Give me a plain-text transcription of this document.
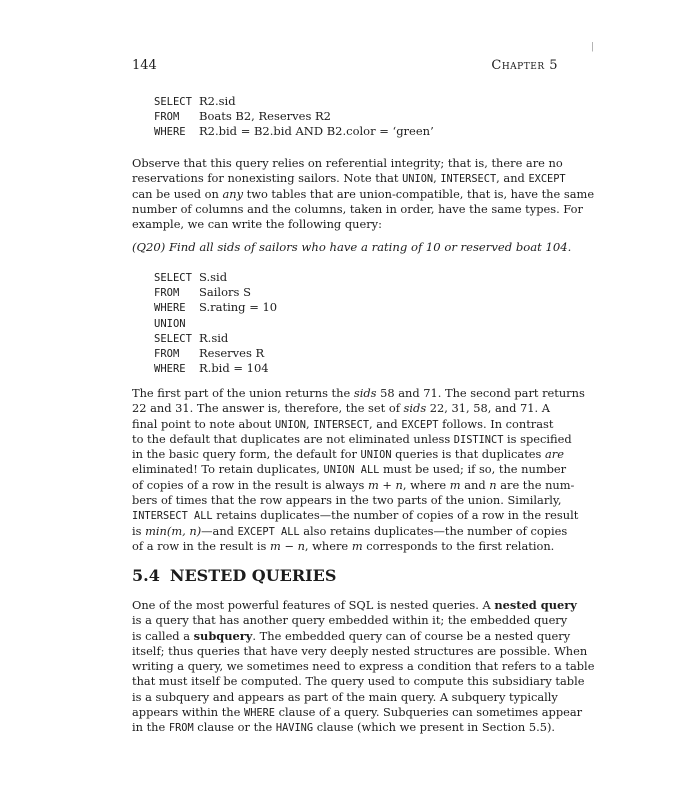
144	Chapter 5
|
SELECT R2.sid
FROM Boats B2, Reserves R2
WHERE R2.bid = B2.bid AND B2.color = ‘green’
Observe that this query relies on referential integrity; that is, there are no
reservations for nonexisting sailors. Note that UNION, INTERSECT, and EXCEPT
can be used on any two tables that are union-compatible, that is, have the same
number of columns and the columns, taken in order, have the same types. For
example, we can write the following query:
(Q20) Find all sids of sailors who have a rating of 10 or reserved boat 104.
SELECT S.sid
FROM Sailors S
WHERE S.rating = 10
UNION
SELECT R.sid
FROM Reserves R
WHERE R.bid = 104
The first part of the union returns the sids 58 and 71. The second part returns
22 and 31. The answer is, therefore, the set of sids 22, 31, 58, and 71. A
final point to note about UNION, INTERSECT, and EXCEPT follows. In contrast
to the default that duplicates are not eliminated unless DISTINCT is specified
in the basic query form, the default for UNION queries is that duplicates are
eliminated! To retain duplicates, UNION ALL must be used; if so, the number
of copies of a row in the result is always m + n, where m and n are the num-
bers of times that the row appears in the two parts of the union. Similarly,
INTERSECT ALL retains duplicates—the number of copies of a row in the result
is min(m, n)—and EXCEPT ALL also retains duplicates—the number of copies
of a row in the result is m − n, where m corresponds to the first relation.
5.4 NESTED QUERIES
One of the most powerful features of SQL is nested queries. A nested query
is a query that has another query embedded within it; the embedded query
is called a subquery. The embedded query can of course be a nested query
itself; thus queries that have very deeply nested structures are possible. When
writing a query, we sometimes need to express a condition that refers to a table
that must itself be computed. The query used to compute this subsidiary table
is a subquery and appears as part of the main query. A subquery typically
appears within the WHERE clause of a query. Subqueries can sometimes appear
in the FROM clause or the HAVING clause (which we present in Section 5.5).
